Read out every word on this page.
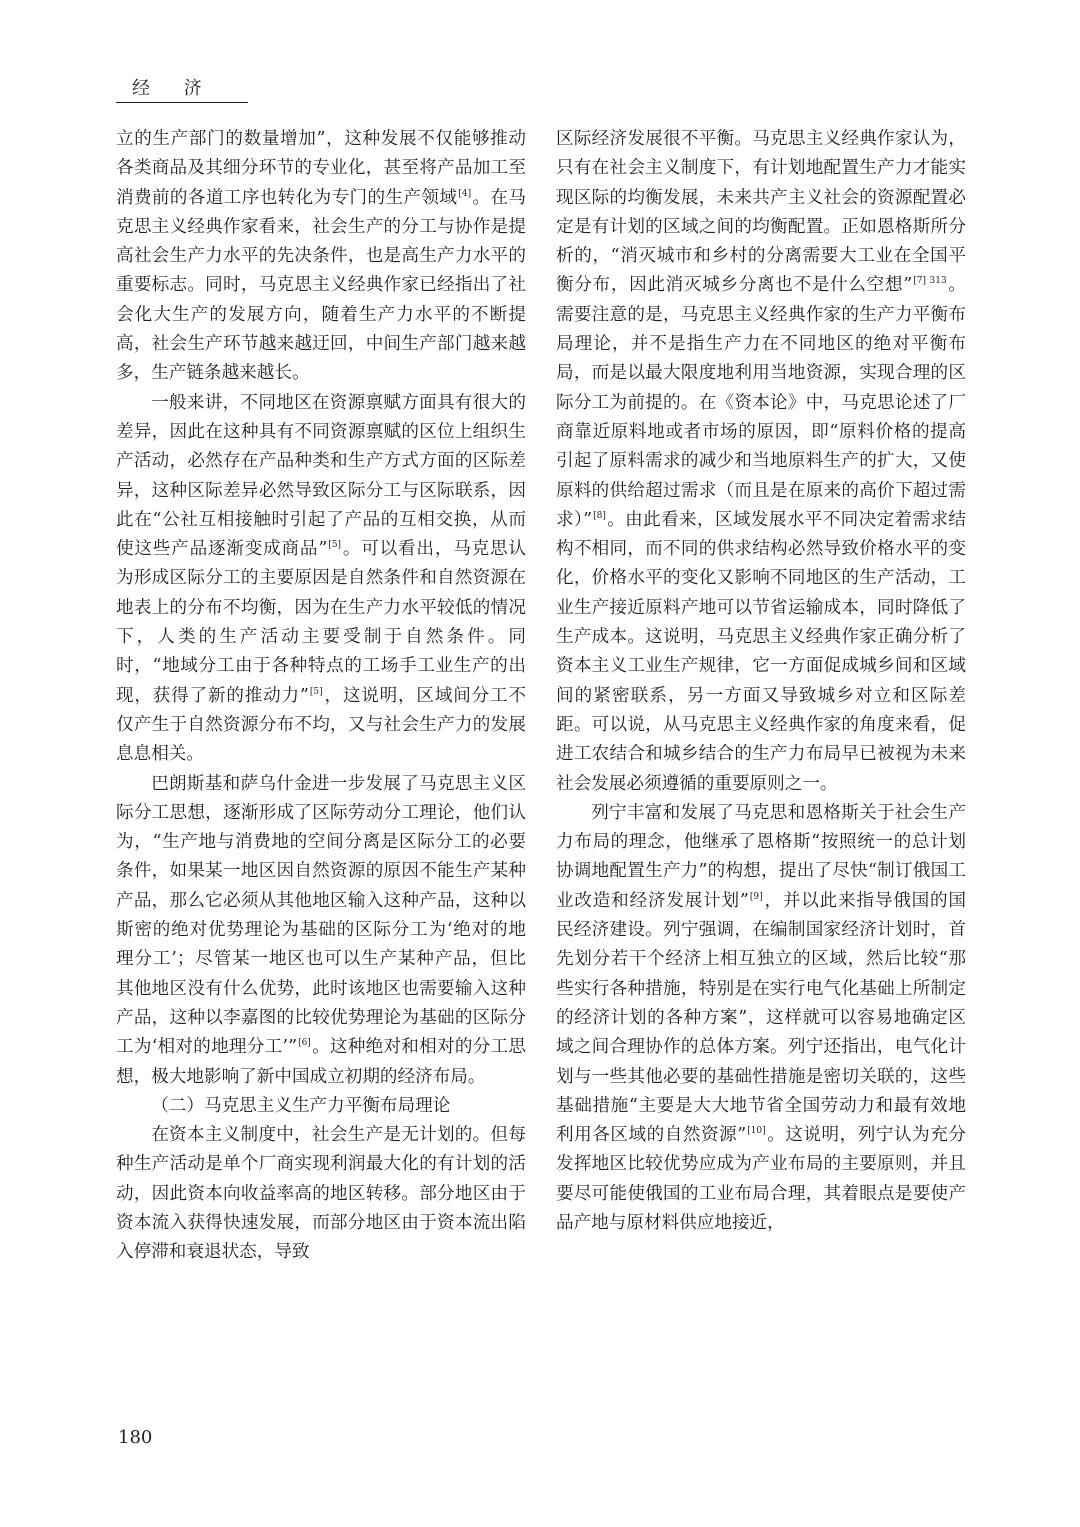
经 济

立的生产部门的数量增加”，这种发展不仅能够推动各类商品及其细分环节的专业化，甚至将产品加工至消费前的各道工序也转化为专门的生产领域[4]。在马克思主义经典作家看来，社会生产的分工与协作是提高社会生产力水平的先决条件，也是高生产力水平的重要标志。同时，马克思主义经典作家已经指出了社会化大生产的发展方向，随着生产力水平的不断提高，社会生产环节越来越迂回，中间生产部门越来越多，生产链条越来越长。

一般来讲，不同地区在资源禀赋方面具有很大的差异，因此在这种具有不同资源禀赋的区位上组织生产活动，必然存在产品种类和生产方式方面的区际差异，这种区际差异必然导致区际分工与区际联系，因此在“公社互相接触时引起了产品的互相交换，从而使这些产品逐渐变成商品”[5]。可以看出，马克思认为形成区际分工的主要原因是自然条件和自然资源在地表上的分布不均衡，因为在生产力水平较低的情况下，人类的生产活动主要受制于自然条件。同时，“地域分工由于各种特点的工场手工业生产的出现，获得了新的推动力”[5]，这说明，区域间分工不仅产生于自然资源分布不均，又与社会生产力的发展息息相关。

巴朗斯基和萨乌什金进一步发展了马克思主义区际分工思想，逐渐形成了区际劳动分工理论，他们认为，“生产地与消费地的空间分离是区际分工的必要条件，如果某一地区因自然资源的原因不能生产某种产品，那么它必须从其他地区输入这种产品，这种以斯密的绝对优势理论为基础的区际分工为‘绝对的地理分工’；尽管某一地区也可以生产某种产品，但比其他地区没有什么优势，此时该地区也需要输入这种产品，这种以李嘉图的比较优势理论为基础的区际分工为‘相对的地理分工’”[6]。这种绝对和相对的分工思想，极大地影响了新中国成立初期的经济布局。

（二）马克思主义生产力平衡布局理论

在资本主义制度中，社会生产是无计划的。但每种生产活动是单个厂商实现利润最大化的有计划的活动，因此资本向收益率高的地区转移。部分地区由于资本流入获得快速发展，而部分地区由于资本流出陷入停滞和衰退状态，导致

区际经济发展很不平衡。马克思主义经典作家认为，只有在社会主义制度下，有计划地配置生产力才能实现区际的均衡发展，未来共产主义社会的资源配置必定是有计划的区域之间的均衡配置。正如恩格斯所分析的，“消灭城市和乡村的分离需要大工业在全国平衡分布，因此消灭城乡分离也不是什么空想”$^{[7] 313}$。需要注意的是，马克思主义经典作家的生产力平衡布局理论，并不是指生产力在不同地区的绝对平衡布局，而是以最大限度地利用当地资源，实现合理的区际分工为前提的。在《资本论》中，马克思论述了厂商靠近原料地或者市场的原因，即“原料价格的提高引起了原料需求的减少和当地原料生产的扩大，又使原料的供给超过需求（而且是在原来的高价下超过需求）”[8]。由此看来，区域发展水平不同决定着需求结构不相同，而不同的供求结构必然导致价格水平的变化，价格水平的变化又影响不同地区的生产活动，工业生产接近原料产地可以节省运输成本，同时降低了生产成本。这说明，马克思主义经典作家正确分析了资本主义工业生产规律，它一方面促成城乡间和区域间的紧密联系，另一方面又导致城乡对立和区际差距。可以说，从马克思主义经典作家的角度来看，促进工农结合和城乡结合的生产力布局早已被视为未来社会发展必须遵循的重要原则之一。

列宁丰富和发展了马克思和恩格斯关于社会生产力布局的理念，他继承了恩格斯“按照统一的总计划协调地配置生产力”的构想，提出了尽快“制订俄国工业改造和经济发展计划”[9]，并以此来指导俄国的国民经济建设。列宁强调，在编制国家经济计划时，首先划分若干个经济上相互独立的区域，然后比较“那些实行各种措施，特别是在实行电气化基础上所制定的经济计划的各种方案”，这样就可以容易地确定区域之间合理协作的总体方案。列宁还指出，电气化计划与一些其他必要的基础性措施是密切关联的，这些基础措施“主要是大大地节省全国劳动力和最有效地利用各区域的自然资源”[10]。这说明，列宁认为充分发挥地区比较优势应成为产业布局的主要原则，并且要尽可能使俄国的工业布局合理，其着眼点是要使产品产地与原材料供应地接近，

180
